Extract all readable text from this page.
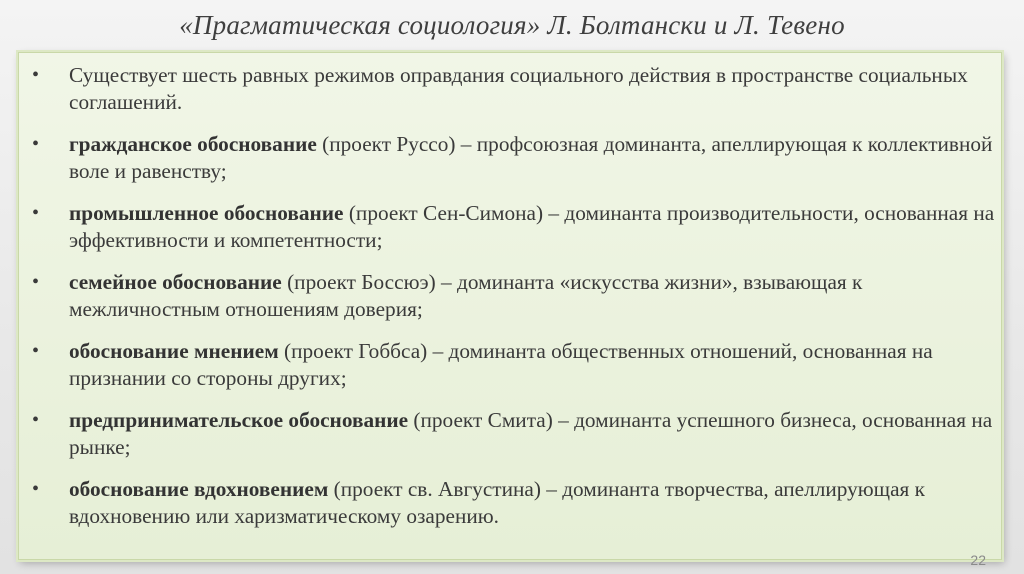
«Прагматическая социология» Л. Болтански и Л. Тевено
• Существует шесть равных режимов оправдания социального действия в пространстве социальных соглашений.
• гражданское обоснование (проект Руссо) – профсоюзная доминанта, апеллирующая к коллективной воле и равенству;
• промышленное обоснование (проект Сен-Симона) – доминанта производительности, основанная на эффективности и компетентности;
• семейное обоснование (проект Боссюэ) – доминанта «искусства жизни», взывающая к межличностным отношениям доверия;
• обоснование мнением (проект Гоббса) – доминанта общественных отношений, основанная на признании со стороны других;
• предпринимательское обоснование (проект Смита) – доминанта успешного бизнеса, основанная на рынке;
• обоснование вдохновением (проект св. Августина) – доминанта творчества, апеллирующая к вдохновению или харизматическому озарению.
22
